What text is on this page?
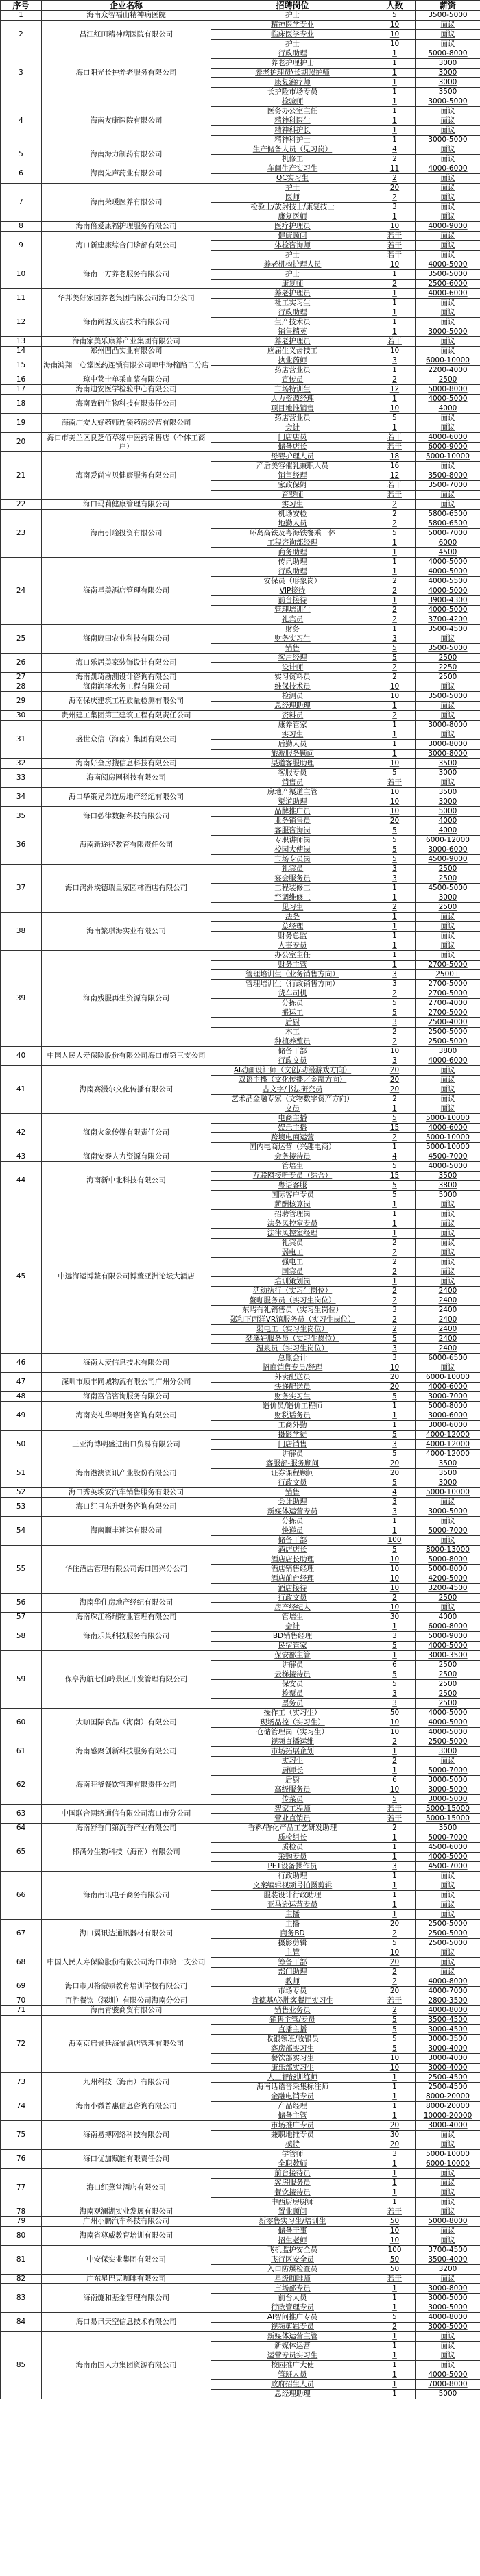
序号	企业名称	招聘岗位	人数	薪资
1	海南众智福山精神病医院	护士	5	3500-5000
2	昌江红田精神病医院有限公司	精神医学专业	10	面议
		临床医学专业	10	面议
		护士	10	面议
3	海口阳光长护养老服务有限公司	行政助理	1	5000-8000
		养老护理护士	1	3000
		养老护理员\长期照护师	1	3000
		康复治疗师	1	3000
		长护险市场专员	1	3500
4	海南友康医院有限公司	检验师	1	3000-5000
		医务办公室主任	1	面议
		精神科医生	1	面议
		精神科护长	1	面议
		精神科护士	1	3000-5000
5	海南海力制药有限公司	生产储备人员（见习岗）	4	面议
		机修工	2	面议
6	海南先声药业有限公司	车间生产实习生	11	4000-6000
		QC实习生	2	面议
7	海南荣瑗医养有限公司	护士	20	面议
		医师	2	面议
		检验士/放射技士/康复技士	3	面议
		康复医师	1	面议
8	海南倍爱康福护理服务有限公司	医疗护理员	10	4000-9000
9	海口新建康综合门诊部有限公司	健康顾问	若干	面议
		体检咨询师	若干	面议
		护士	若干	面议
10	海南一方养老服务有限公司	养老机构护理人员	10	4000-5000
		护士	1	3500-5000
		康复师	2	2500-6000
11	华邦美好家园养老集团有限公司海口分公司	养老护理员	1	4000-6000
		社工实习生	1	面议
12	海南尚源义齿技术有限公司	行政助理	1	面议
		生产技术员	1	面议
		销售精英	1	3000-5000
13	海南家美乐康养产业集团有限公司	养老护理员	若干	面议
14	郑州凹凸实业有限公司	应届生义齿技工	10	面议
15	海南鸿翔一心堂医药连锁有限公司琼中海榆路二分店	执业药师	3	6000-10000
		药店营业员	1	2200-4000
16	琼中莱士单采血浆有限公司	宣传员	2	2500
17	海南迪安医学检验中心有限公司	市场特训生	12	5000-8000
18	海南致研生物科技有限责任公司	人力资源经理	1	4000-5000
		项目地推销售	10	4000
19	海南广安大好药师连锁药房经营有限公司	药店营业员	5	面议
		会计	1	面议
20	海口市美兰区良芝佰草缘中医药销售店（个体工商户）	门店店员	若干	4000-6000
		储备店长	若干	6000-9000
21	海南爱尚宝贝健康服务有限公司	母婴护理人员	18	5000-10000
		产后美容催乳兼职人员	16	面议
		销售经理	12	3500-8000
		家政保姆	若干	3500-7000
		育婴师	若干	面议
22	海口玛莉健康管理有限公司	实习生	2	面议
23	海南引瑜投资有限公司	机场安检	2	5800-6500
		地勤人员	2	5800-6500
		环岛高铁及粤海铁餐乘一体	5	5000-7000
		工程咨询部经理	1	6000
		商务助理	1	4500
24	海南星美酒店管理有限公司	传讯助理	1	4000-5000
		行政助理	1	4000-5000
		安保员（形象岗）	2	4000-5500
		VIP接待	2	4000-5000
		前台接待	1	3900-4300
		管理培训生	2	4000-5000
		礼宾员	2	3700-4200
25	海南赓田农业科技有限公司	财务	1	3500-4500
		财务实习生	3	面议
		销售	5	3500-5000
26	海口乐居美家装饰设计有限公司	客户经理	5	2500
		设计师	2	2250
27	海南凯琦勘测设计咨询有限公司	实习资料员	2	2500
28	海南润泽水务工程有限公司	维保技术员	10	面议
29	海南保庆建筑工程质量检测有限公司	检测员	10	3500-5000
		总经理助理	1	面议
30	贵州建工集团第三建筑工程有限责任公司	资料员	2	面议
31	盛世众信（海南）集团有限公司	康养管家	1	3000-8000
		实习生	1	面议
		后勤人员	1	3000-8000
		旅游服务顾问	1	3000-8000
32	海南好全房搜信息科技有限公司	渠道客服助理	10	3500
33	海南阅房网科技有限公司	客服专员	5	3000
		销售员	若干	面议
34	海口华策兄弟连房地产经纪有限公司	房地产渠道主管	10	3500
		渠道助理	10	3000
35	海口弘律数据科技有限公司	品牌推广员	10	5000
		业务销售员	20	4000
36	海南新途径教育有限责任公司	客服咨询岗	5	4000
		专职讲师岗	5	6000-12000
		校园大使岗	5	3000-6000
		市场专员岗	5	4500-9000
37	海口鸿洲埃德瑞皇家园林酒店有限公司	礼宾员	3	2500
		宴会服务员	3	2500
		工程装修工	1	4500-5000
		空调维修工	1	3000
		见习生	2	2500
38	海南繁琪海实业有限公司	法务	1	面议
		总经理	1	面议
		财务总监	1	面议
		人事专员	1	面议
39	海南残服再生资源有限公司	办公室主任	1	面议
		财务主管	1	2700-5000
		管理培训生（业务销售方向）	3	2500+
		管理培训生（行政销售方向）	3	2700-5000
		货车司机	2	2700-5000
		分拣员	5	2700-4000
		搬运工	5	2700-5000
		后厨	3	2500-4000
		木工	2	2500-5000
		种植养殖员	2	2500-5000
40	中国人民人寿保险股份有限公司海口市第三支公司	储备干部	10	3800
		行政文员	3	4000-6000
41	海南赛漫尔文化传播有限公司	AI动画设计师（文创/动漫游戏方向）	20	面议
		双语主播（文化传播／金融方向）	20	面议
		古文字/书法研究员	20	面议
		艺术品金融专家（文物数字资产方向）	2	面议
		文员	1	面议
42	海南火象传媒有限责任公司	电商主播	5	5000-10000
		娱乐主播	15	4000-6000
		跨境电商运营	2	5000-10000
		国内电商运营（兴趣电商）	1	5000-10000
43	海南安泰人力资源有限公司	会务接待员	4	4500-7000
44	海南新中北科技有限公司	管培生	5	4000-5000
		互联网接听专员（综合）	15	3500
		粤语客服	5	3800
		国际客户专员	5	5000
45	中远海运博鳌有限公司博鳌亚洲论坛大酒店	薪酬核算岗	1	面议
		招聘管理岗	1	面议
		法务风控室专员	1	面议
		法律风控室经理	1	面议
		礼宾员	2	面议
		弱电工	2	面议
		强电工	2	面议
		国宾员	2	面议
		培训策划岗	1	面议
		活动执行（实习生岗位）	2	2400
		鳌咖服务员（实习生岗位）	2	2400
		东屿有礼销售员（实习生岗位）	3	2400
		郑和下西洋VR馆服务员（实习生岗位）	2	2400
		弱电工（实习生岗位）	2	2400
		梦溪轩服务员（实习生岗位）	5	2400
		温泉员（实习生岗位）	3	2400
46	海南大麦信息技术有限公司	总账会计	3	6000-6500
		招商销售专员/经理	10	面议
47	深圳市顺丰同城物流有限公司广州分公司	外卖配送员	20	6000-10000
		快递配送员	20	4000-6000
48	海南富信咨询服务有限公司	财务实习生	5	3000-7000
49	海南安礼华粤财务咨询有限公司	造价员/造价工程师	1	5000-8000
		财税话务员	1	3000-6000
		工商外勤	1	3000-6000
50	三亚海博明盛进出口贸易有限公司	摄影学徒	5	4000-12000
		门店销售	3	4000-12000
		讲解员	5	4000-12000
51	海南港澳资讯产业股份有限公司	客服部-服务顾问	20	3500
		证券课程顾问	20	3500
		行政文员	5	3000
52	海口秀英埃安汽车销售服务有限公司	销售	4	5000-10000
53	海口红日东升财务咨询有限公司	会计助理	3	面议
		新媒体运营专员	3	3000-5000
54	海南顺丰速运有限公司	分拣员	1	面议
		快递员	1	5000-7000
		储备干部	100	面议
55	华住酒店管理有限公司海口国兴分公司	酒店店长	5	8000-13000
		酒店店长助理	10	5000-8000
		酒店销售经理	10	5000-8000
		酒店前台经理	10	4200-5000
		酒店接待	10	3200-4500
56	海南华住房地产经纪有限公司	行政文员	2	2500
		房产经纪人	10	面议
57	海南珠江格瑞物业管理有限公司	管培生	30	4000
58	海南乐巢科技服务有限公司	会计	1	6000-8000
		BD销售经理	3	5000-9000
		民宿管家	5	4000-5000
59	保亭海航七仙岭景区开发管理有限公司	保安部主管	1	3000-3500
		讲解员	6	2500
		云梯接待员	5	2500
		保安员	5	2500
		检票员	3	2500
		票务员	3	2500
60	大咖国际食品（海南）有限公司	操作工（实习生）	50	4000-5000
		现场品控（实习生）	10	4000-5000
		仓储管理岗（实习生）	10	4000-5000
61	海南感聚创新科技服务有限公司	视频直播运维	2	2500-5000
		市场拓展企划	1	3000
		实习生	2	面议
62	海南旺爷餐饮管理有限责任公司	厨师长	1	5000-7000
		后厨	6	3000-5000
		高级服务员	10	3000-5000
		传菜员	5	3000-5000
63	中国联合网络通信有限公司海口市分公司	智家工程师	若干	5000-15000
		营业直销员	若干	5000-15000
64	海南舒香门第沉香产业有限公司	香料/香化产品工艺研发助理	2	3500
65	椰满分生物科技（海南）有限公司	质检组长	1	5000-7000
		质检员	1	4500-6000
		采购专员	1	4000-5000
		PET设备操作员	3	4500-7000
66	海南南讯电子商务有限公司	行政助理	1	面议
		文案编辑视频号拍摄剪辑	1	面议
		服装设计行政助理	1	面议
		亚马逊运营专员	1	面议
		主播	1	面议
67	海口翼讯达通讯器材有限公司	主播	20	2500-5000
		商务BD	2	2500-5000
		摄影剪辑	5	2500-5000
68	中国人民人寿保险股份有限公司海口市第一支公司	主管	10	面议
		筹备干部	20	面议
		部门助理	2	面议
69	海口市贝格蒙顿教育培训学校有限公司	教师	2	4000-8000
		市场专员	20	4000-7000
70	百胜餐饮（深圳）有限公司海南分公司	肯德基/必胜客餐厅实习生	若干	2800-3500
71	海南青骏商贸有限公司	销售业务员	2	4000-8000
72	海南京启景廷海景酒店管理有限公司	销售主管/专员	5	3500-4500
		直播主播	5	3000-4500
		收银领班/收银员	5	3000-3500
		客房部实习生	5	3000-4000
		餐饮部实习生	10	3000-4000
		康乐部实习生	10	3000-4000
73	九州科技（海南）有限公司	人工智能训练师	1	2500-4500
		海南话语音采集标注师	1	2500-4500
74	海南小微普惠信息咨询有限公司	金融电销专员	1	8000-20000
		产品经理	1	8000-20000
		储备主管	1	10000-20000
75	海南易搏网络科技有限公司	市场推广专员	20	3000-4000
		兼职地推专员	30	面议
		模特	20	面议
76	海口优加赋能有限责任公司	学管师	3	5000-10000
		全职教师	1	6000-10000
77	海口红燕堂酒店有限公司	前台接待员	1	面议
		客房服务员	1	面议
		餐饮接待员	1	面议
		中西厨房厨师	1	面议
78	海南观澜湖实业发展有限公司	置业顾问	若干	面议
79	广州小鹏汽车科技有限公司	新零售实习生/培训生	50	5000-8000
80	海南省尊威教育培训有限公司	储备干事	10	面议
		招生老师	10	面议
81	中安保实业集团有限公司	飞机监护安全员	100	3700-4500
		飞行区安全员	50	3500-4000
		入口防爆检查员	50	3200
82	广东星巴克咖啡有限公司	星级咖啡师	若干	面议
83	海南燧和基金管理有限公司	市场部专员	1	3000-8000
		前台人员	1	3000-5000
		行政管理专员	1	3000-5000
84	海口易讯天空信息技术有限公司	AI智问推广专员	5	4000-8000
		视频剪辑专员	2	3000-5000
85	海南南国人力集团资源有限公司	新媒体运营主管	1	面议
		新媒体运营	1	面议
		运营专员实习生	1	面议
		校园推广大使	1	面议
		管班人员	1	4000-5000
		政府招生人员	1	7000-8000
		总经理助理	1	5000
